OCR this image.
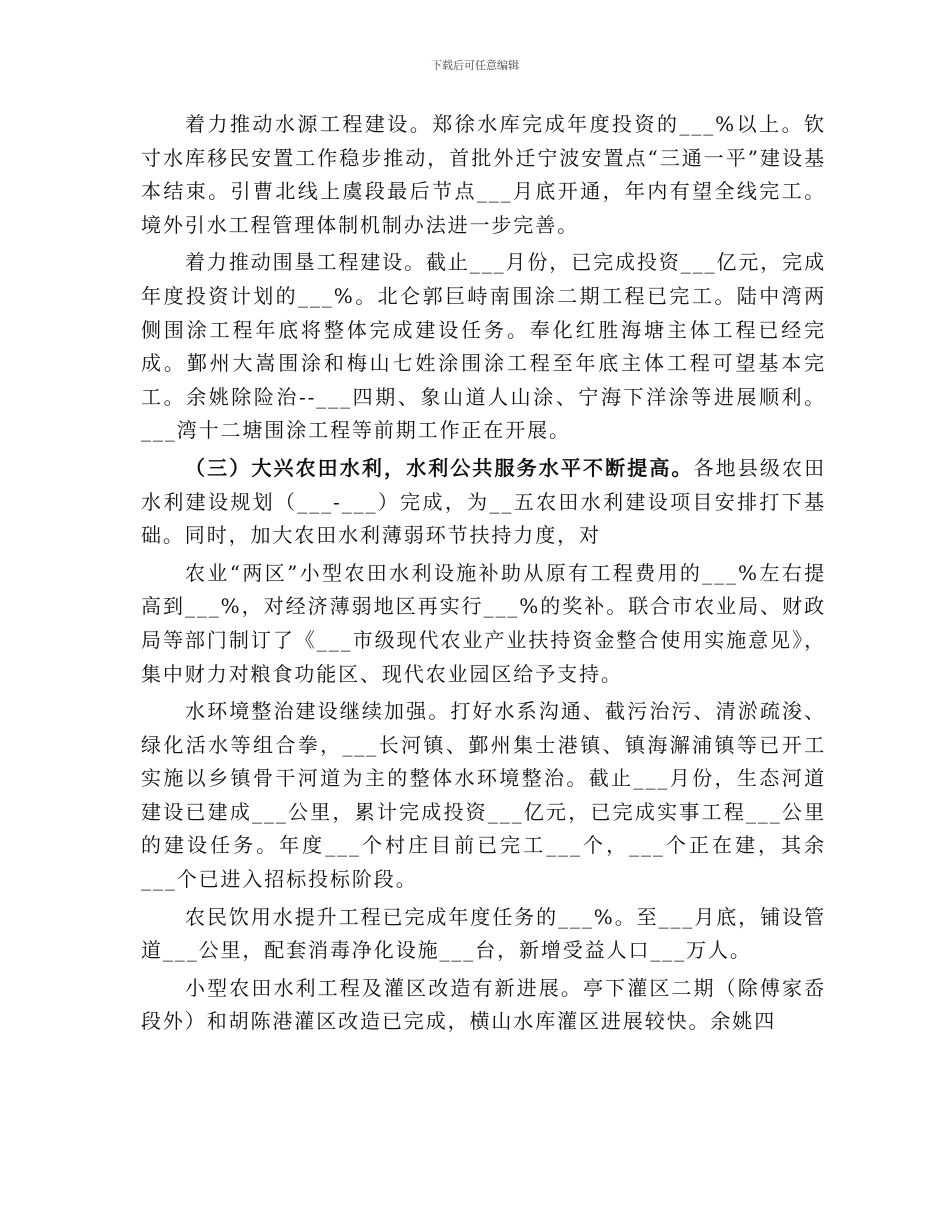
下载后可任意编辑

着力推动水源工程建设。郑徐水库完成年度投资的___%以上。钦寸水库移民安置工作稳步推动，首批外迁宁波安置点“三通一平”建设基本结束。引曹北线上虞段最后节点___月底开通，年内有望全线完工。境外引水工程管理体制机制办法进一步完善。

着力推动围垦工程建设。截止___月份，已完成投资___亿元，完成年度投资计划的___%。北仑郭巨峙南围涂二期工程已完工。陆中湾两侧围涂工程年底将整体完成建设任务。奉化红胜海塘主体工程已经完成。鄞州大嵩围涂和梅山七姓涂围涂工程至年底主体工程可望基本完工。余姚除险治--___四期、象山道人山涂、宁海下洋涂等进展顺利。___湾十二塘围涂工程等前期工作正在开展。

（三）大兴农田水利，水利公共服务水平不断提高。各地县级农田水利建设规划（___-___）完成，为__五农田水利建设项目安排打下基础。同时，加大农田水利薄弱环节扶持力度，对

农业“两区”小型农田水利设施补助从原有工程费用的___%左右提高到___%，对经济薄弱地区再实行___%的奖补。联合市农业局、财政局等部门制订了《___市级现代农业产业扶持资金整合使用实施意见》，集中财力对粮食功能区、现代农业园区给予支持。

水环境整治建设继续加强。打好水系沟通、截污治污、清淤疏浚、绿化活水等组合拳，___长河镇、鄞州集士港镇、镇海澥浦镇等已开工实施以乡镇骨干河道为主的整体水环境整治。截止___月份，生态河道建设已建成___公里，累计完成投资___亿元，已完成实事工程___公里的建设任务。年度___个村庄目前已完工___个，___个正在建，其余___个已进入招标投标阶段。

农民饮用水提升工程已完成年度任务的___%。至___月底，铺设管道___公里，配套消毒净化设施___台，新增受益人口___万人。

小型农田水利工程及灌区改造有新进展。亭下灌区二期（除傅家岙段外）和胡陈港灌区改造已完成，横山水库灌区进展较快。余姚四
